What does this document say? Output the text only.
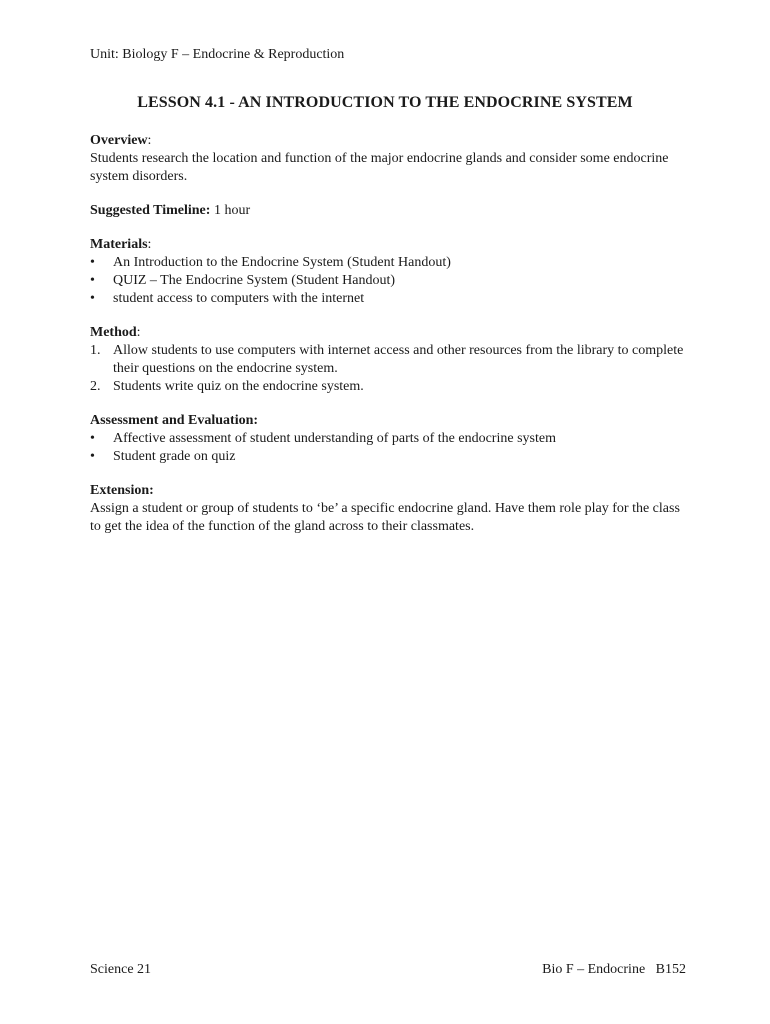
Unit: Biology F – Endocrine & Reproduction
LESSON 4.1 - AN INTRODUCTION TO THE ENDOCRINE SYSTEM
Overview:

Students research the location and function of the major endocrine glands and consider some endocrine system disorders.

Suggested Timeline: 1 hour
Materials:
• An Introduction to the Endocrine System (Student Handout)
• QUIZ – The Endocrine System (Student Handout)
• student access to computers with the internet
Method:
1. Allow students to use computers with internet access and other resources from the library to complete their questions on the endocrine system.
2. Students write quiz on the endocrine system.
Assessment and Evaluation:
• Affective assessment of student understanding of parts of the endocrine system
• Student grade on quiz
Extension:

Assign a student or group of students to ‘be’ a specific endocrine gland. Have them role play for the class to get the idea of the function of the gland across to their classmates.

Science 21	Bio F – Endocrine   B152
